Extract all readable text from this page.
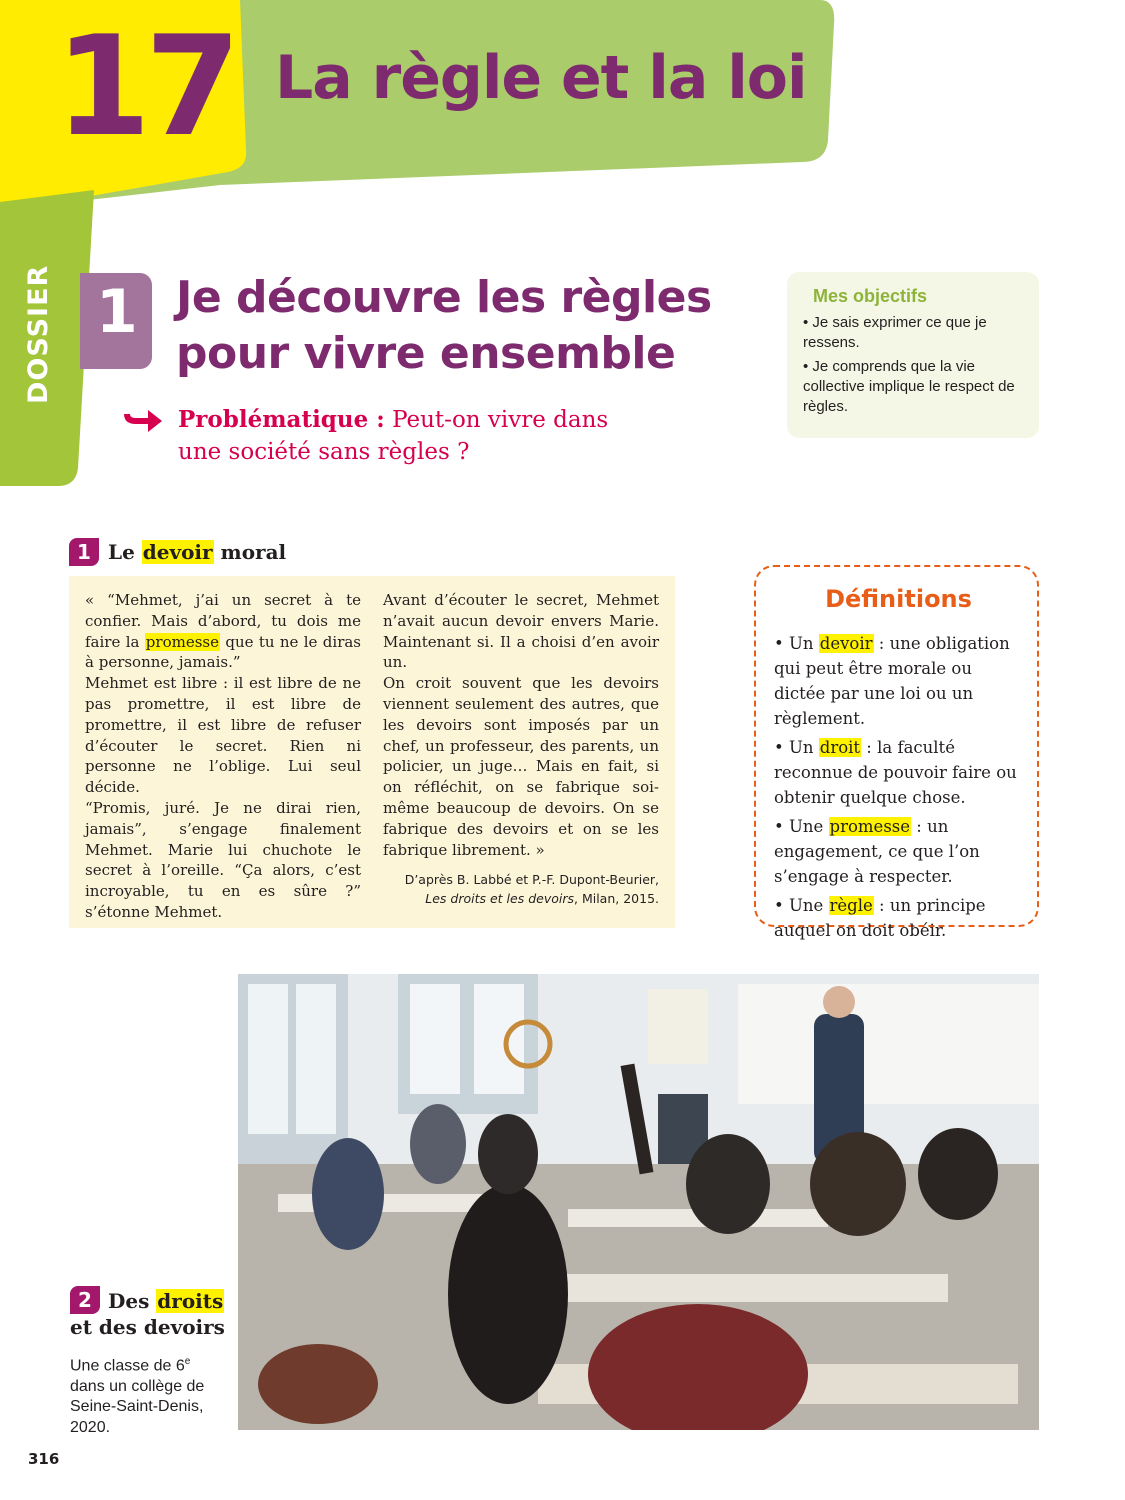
17 La règle et la loi
DOSSIER 1 Je découvre les règles
pour vivre ensemble
Problématique : Peut-on vivre dans une société sans règles ?
Mes objectifs
• Je sais exprimer ce que je ressens.
• Je comprends que la vie collective implique le respect de règles.
1 Le devoir moral

« “Mehmet, j’ai un secret à te confier. Mais d’abord, tu dois me faire la promesse que tu ne le diras à personne, jamais.”

Mehmet est libre : il est libre de ne pas promettre, il est libre de promettre, il est libre de refuser d’écouter le secret. Rien ni personne ne l’oblige. Lui seul décide.

“Promis, juré. Je ne dirai rien, jamais”, s’engage finalement Mehmet. Marie lui chuchote le secret à l’oreille. “Ça alors, c’est incroyable, tu en es sûre ?” s’étonne Mehmet.

Avant d’écouter le secret, Mehmet n’avait aucun devoir envers Marie. Maintenant si. Il a choisi d’en avoir un.

On croit souvent que les devoirs viennent seulement des autres, que les devoirs sont imposés par un chef, un professeur, des parents, un policier, un juge… Mais en fait, si on réfléchit, on se fabrique soi-même beaucoup de devoirs. On se fabrique des devoirs et on se les fabrique librement. »

D’après B. Labbé et P.-F. Dupont-Beurier, Les droits et les devoirs, Milan, 2015.
Définitions
• Un devoir : une obligation qui peut être morale ou dictée par une loi ou un règlement.
• Un droit : la faculté reconnue de pouvoir faire ou obtenir quelque chose.
• Une promesse : un engagement, ce que l’on s’engage à respecter.
• Une règle : un principe auquel on doit obéir.
2 Des droits
et des devoirs
Une classe de 6e dans un collège de Seine-Saint-Denis, 2020.
316
